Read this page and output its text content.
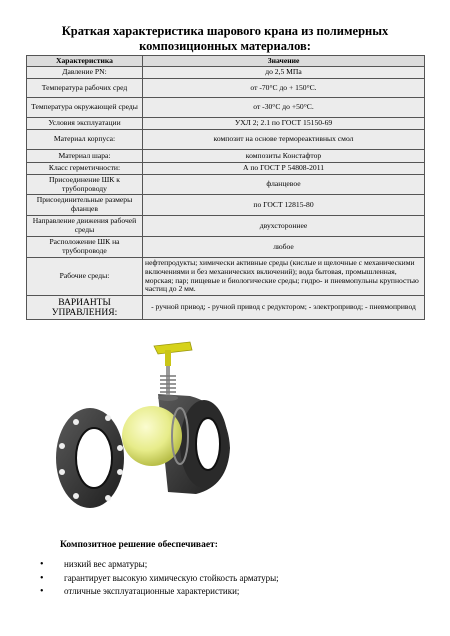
Краткая характеристика шарового крана из полимерных композиционных материалов:
Характеристика	Значение
Давление PN:	до 2,5 МПа
Температура рабочих сред	от -70°C до + 150°C.
Температура окружающей среды	от -30°C до +50°C.
Условия эксплуатации	УХЛ 2; 2.1 по ГОСТ 15150-69
Материал корпуса:	композит на основе термореактивных смол
Материал шара:	композиты Констафтор
Класс герметичности:	А по ГОСТ Р 54808-2011
Присоединение ШК к трубопроводу	фланцевое
Присоединительные размеры фланцев	по ГОСТ 12815-80
Направление движения рабочей среды	двухстороннее
Расположение ШК на трубопроводе	любое
Рабочие среды:	нефтепродукты; химически активные среды (кислые и щелочные с механическими включениями и без механических включений); вода бытовая, промышленная, морская; пар; пищевые и биологические среды; гидро- и пневмопульны крупностью частиц до 2 мм.
ВАРИАНТЫ УПРАВЛЕНИЯ:	- ручной привод; - ручной привод с редуктором; - электропривод; - пневмопривод
Композитное решение обеспечивает:
• низкий вес арматуры;
• гарантирует высокую химическую стойкость арматуры;
• отличные эксплуатационные характеристики;
